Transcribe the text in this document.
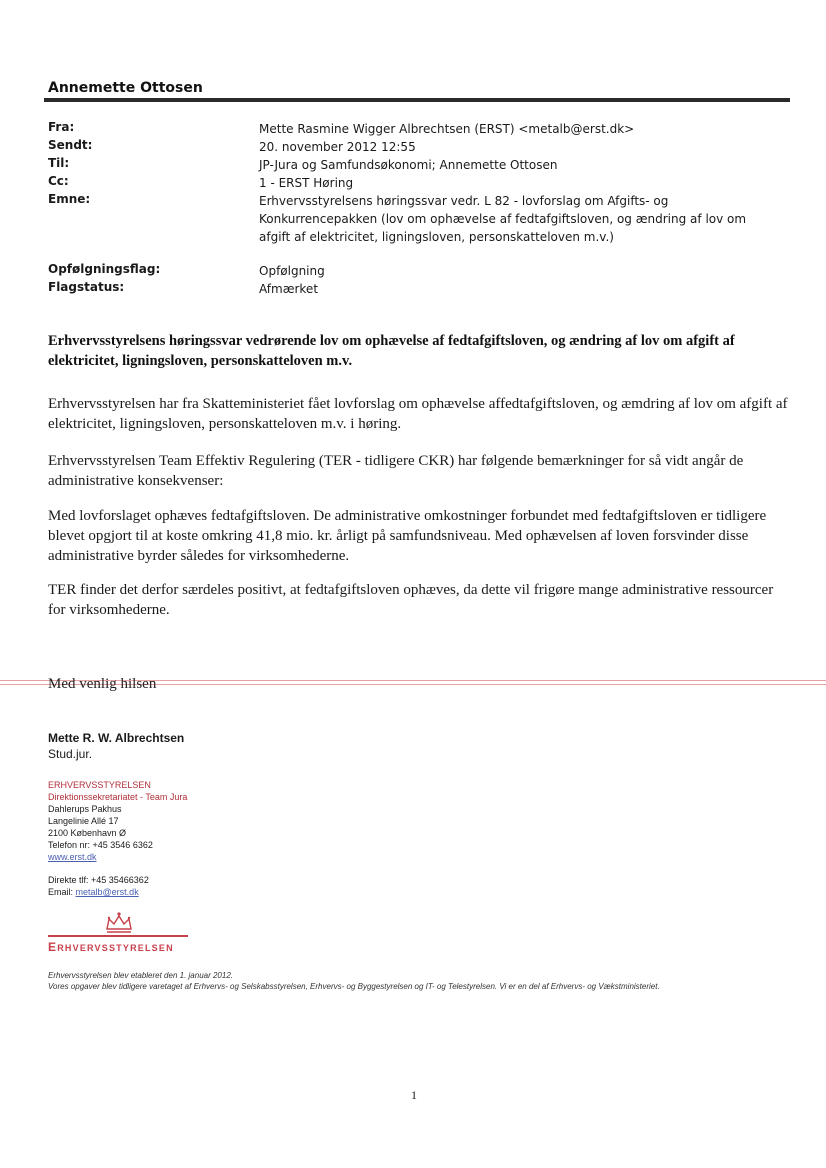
Annemette Ottosen
Fra:	Mette Rasmine Wigger Albrechtsen (ERST) <metalb@erst.dk>
Sendt:	20. november 2012 12:55
Til:	JP-Jura og Samfundsøkonomi; Annemette Ottosen
Cc:	1 - ERST Høring
Emne:	Erhvervsstyrelsens høringssvar vedr. L 82 - lovforslag om Afgifts- og Konkurrencepakken (lov om ophævelse af fedtafgiftsloven, og ændring af lov om afgift af elektricitet, ligningsloven, personskatteloven m.v.)
Opfølgningsflag:	Opfølgning
Flagstatus:	Afmærket
Erhvervsstyrelsens høringssvar vedrørende lov om ophævelse af fedtafgiftsloven, og ændring af lov om afgift af elektricitet, ligningsloven, personskatteloven m.v.
Erhvervsstyrelsen har fra Skatteministeriet fået lovforslag om ophævelse affedtafgiftsloven, og æmdring af lov om afgift af elektricitet, ligningsloven, personskatteloven m.v. i høring.
Erhvervsstyrelsen Team Effektiv Regulering (TER - tidligere CKR) har følgende bemærkninger for så vidt angår de administrative konsekvenser:
Med lovforslaget ophæves fedtafgiftsloven. De administrative omkostninger forbundet med fedtafgiftsloven er tidligere blevet opgjort til at koste omkring 41,8 mio. kr. årligt på samfundsniveau. Med ophævelsen af loven forsvinder disse administrative byrder således for virksomhederne.
TER finder det derfor særdeles positivt, at fedtafgiftsloven ophæves, da dette vil frigøre mange administrative ressourcer for virksomhederne.
Med venlig hilsen
Mette R. W. Albrechtsen
Stud.jur.
ERHVERVSSTYRELSEN
Direktionssekretariatet - Team Jura
Dahlerups Pakhus
Langelinie Allé 17
2100 København Ø
Telefon nr: +45 3546 6362
www.erst.dk
Direkte tlf: +45 35466362
Email: metalb@erst.dk
ERHVERVSSTYRELSEN
Erhvervsstyrelsen blev etableret den 1. januar 2012.
Vores opgaver blev tidligere varetaget af Erhvervs- og Selskabsstyrelsen, Erhvervs- og Byggestyrelsen og IT- og Telestyrelsen. Vi er en del af Erhvervs- og Vækstministeriet.
1
